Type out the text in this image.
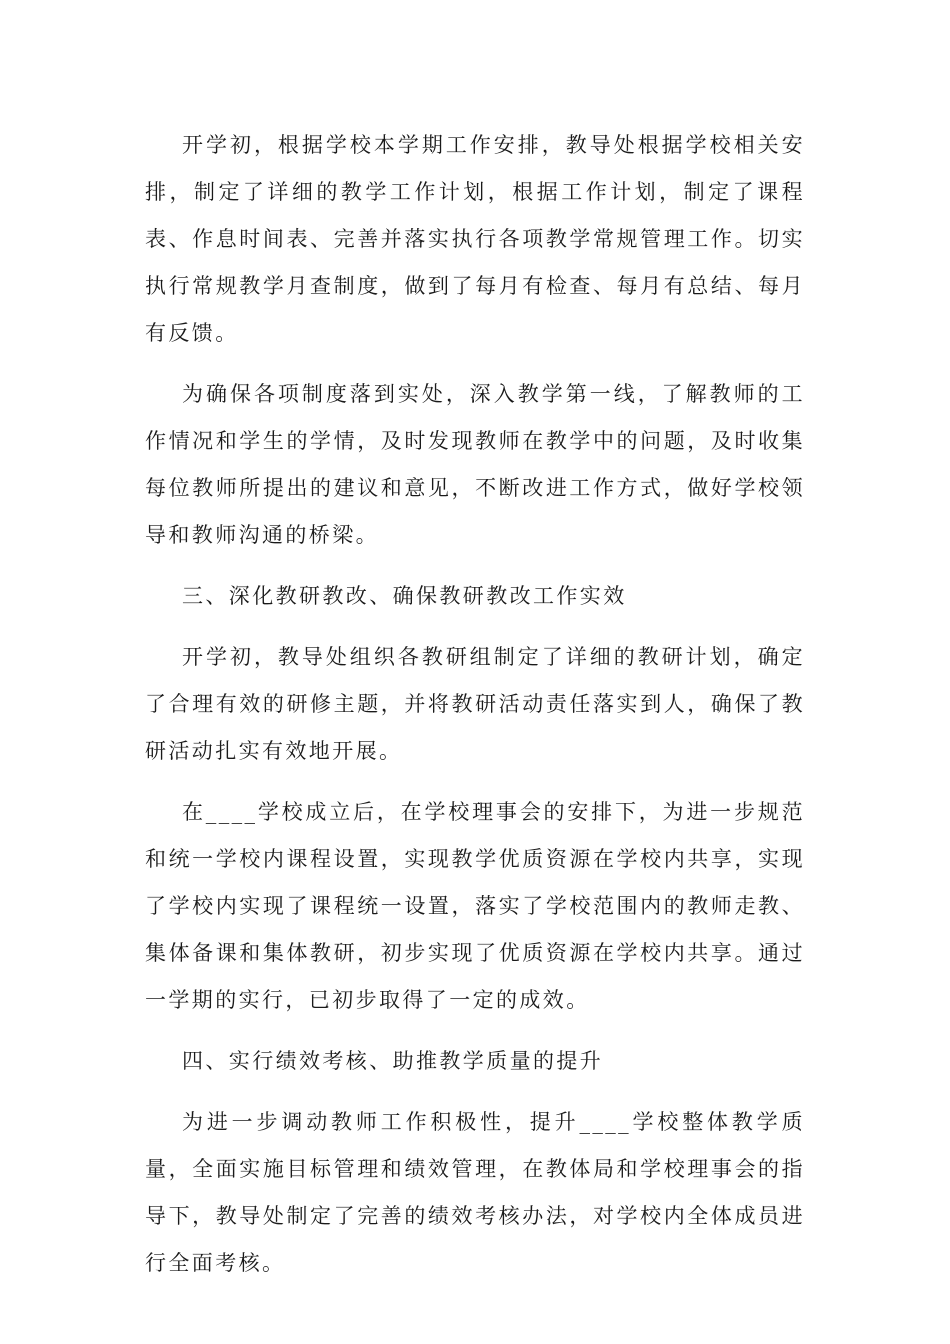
开学初，根据学校本学期工作安排，教导处根据学校相关安排，制定了详细的教学工作计划，根据工作计划，制定了课程表、作息时间表、完善并落实执行各项教学常规管理工作。切实执行常规教学月查制度，做到了每月有检查、每月有总结、每月有反馈。

为确保各项制度落到实处，深入教学第一线，了解教师的工作情况和学生的学情，及时发现教师在教学中的问题，及时收集每位教师所提出的建议和意见，不断改进工作方式，做好学校领导和教师沟通的桥梁。

三、深化教研教改、确保教研教改工作实效

开学初，教导处组织各教研组制定了详细的教研计划，确定了合理有效的研修主题，并将教研活动责任落实到人，确保了教研活动扎实有效地开展。

在____学校成立后，在学校理事会的安排下，为进一步规范和统一学校内课程设置，实现教学优质资源在学校内共享，实现了学校内实现了课程统一设置，落实了学校范围内的教师走教、集体备课和集体教研，初步实现了优质资源在学校内共享。通过一学期的实行，已初步取得了一定的成效。

四、实行绩效考核、助推教学质量的提升

为进一步调动教师工作积极性，提升____学校整体教学质量，全面实施目标管理和绩效管理，在教体局和学校理事会的指导下，教导处制定了完善的绩效考核办法，对学校内全体成员进行全面考核。
